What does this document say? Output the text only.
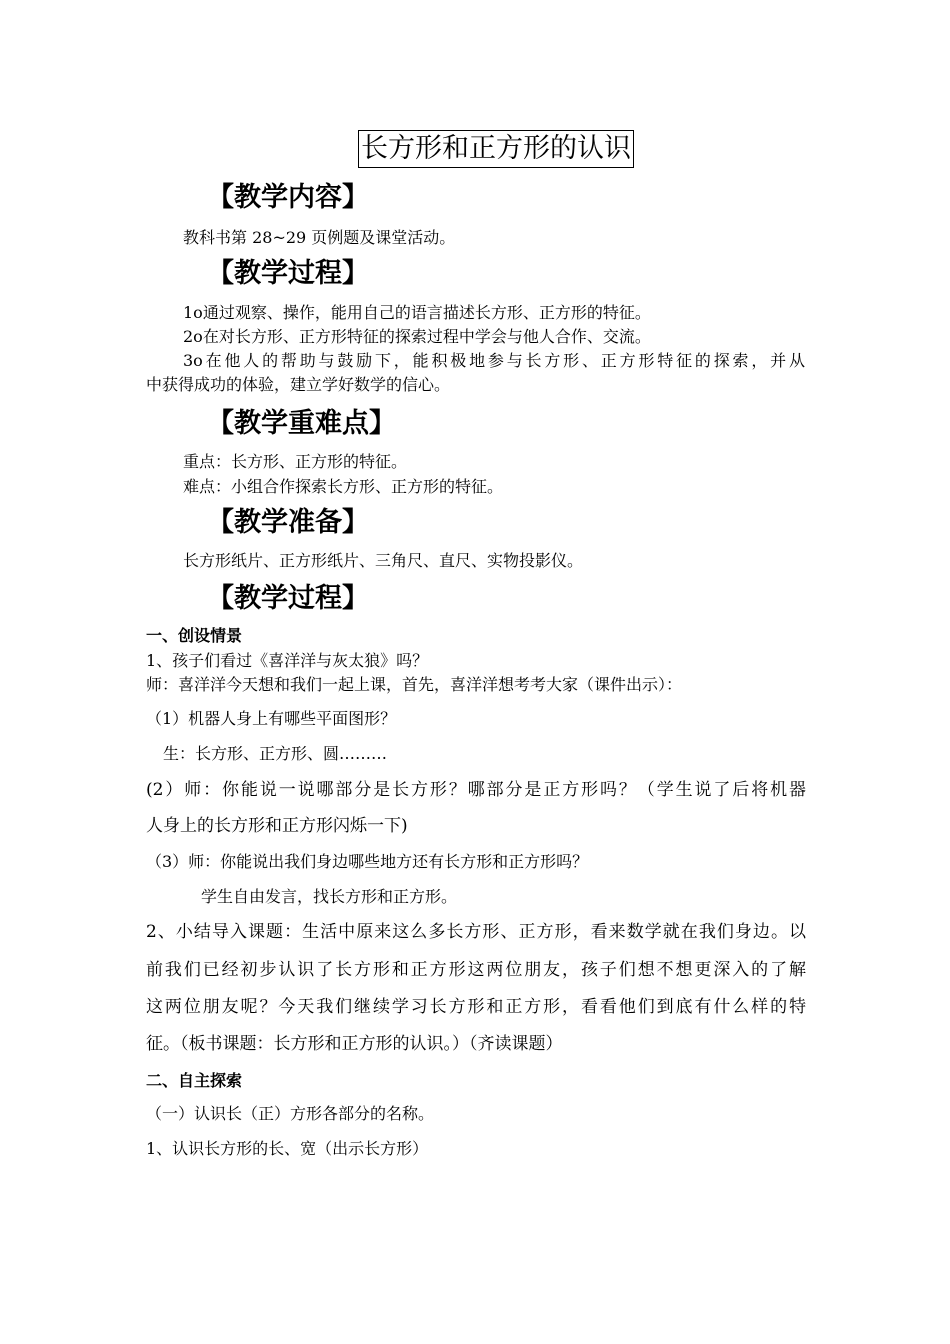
长方形和正方形的认识
【教学内容】
教科书第 28~29 页例题及课堂活动。
【教学过程】
1o通过观察、操作，能用自己的语言描述长方形、正方形的特征。
2o在对长方形、正方形特征的探索过程中学会与他人合作、交流。
3o在他人的帮助与鼓励下，能积极地参与长方形、正方形特征的探索，并从
中获得成功的体验，建立学好数学的信心。
【教学重难点】
重点：长方形、正方形的特征。
难点：小组合作探索长方形、正方形的特征。
【教学准备】
长方形纸片、正方形纸片、三角尺、直尺、实物投影仪。
【教学过程】
一、创设情景
1、孩子们看过《喜洋洋与灰太狼》吗？
师：喜洋洋今天想和我们一起上课，首先，喜洋洋想考考大家（课件出示）：
（1）机器人身上有哪些平面图形？
生：长方形、正方形、圆………
(2）师：你能说一说哪部分是长方形？哪部分是正方形吗？（学生说了后将机器
人身上的长方形和正方形闪烁一下)
（3）师：你能说出我们身边哪些地方还有长方形和正方形吗？
学生自由发言，找长方形和正方形。
2、小结导入课题：生活中原来这么多长方形、正方形，看来数学就在我们身边。以
前我们已经初步认识了长方形和正方形这两位朋友，孩子们想不想更深入的了解
这两位朋友呢？今天我们继续学习长方形和正方形，看看他们到底有什么样的特
征。（板书课题：长方形和正方形的认识。）（齐读课题）
二、自主探索
（一）认识长（正）方形各部分的名称。
1、认识长方形的长、宽（出示长方形）
